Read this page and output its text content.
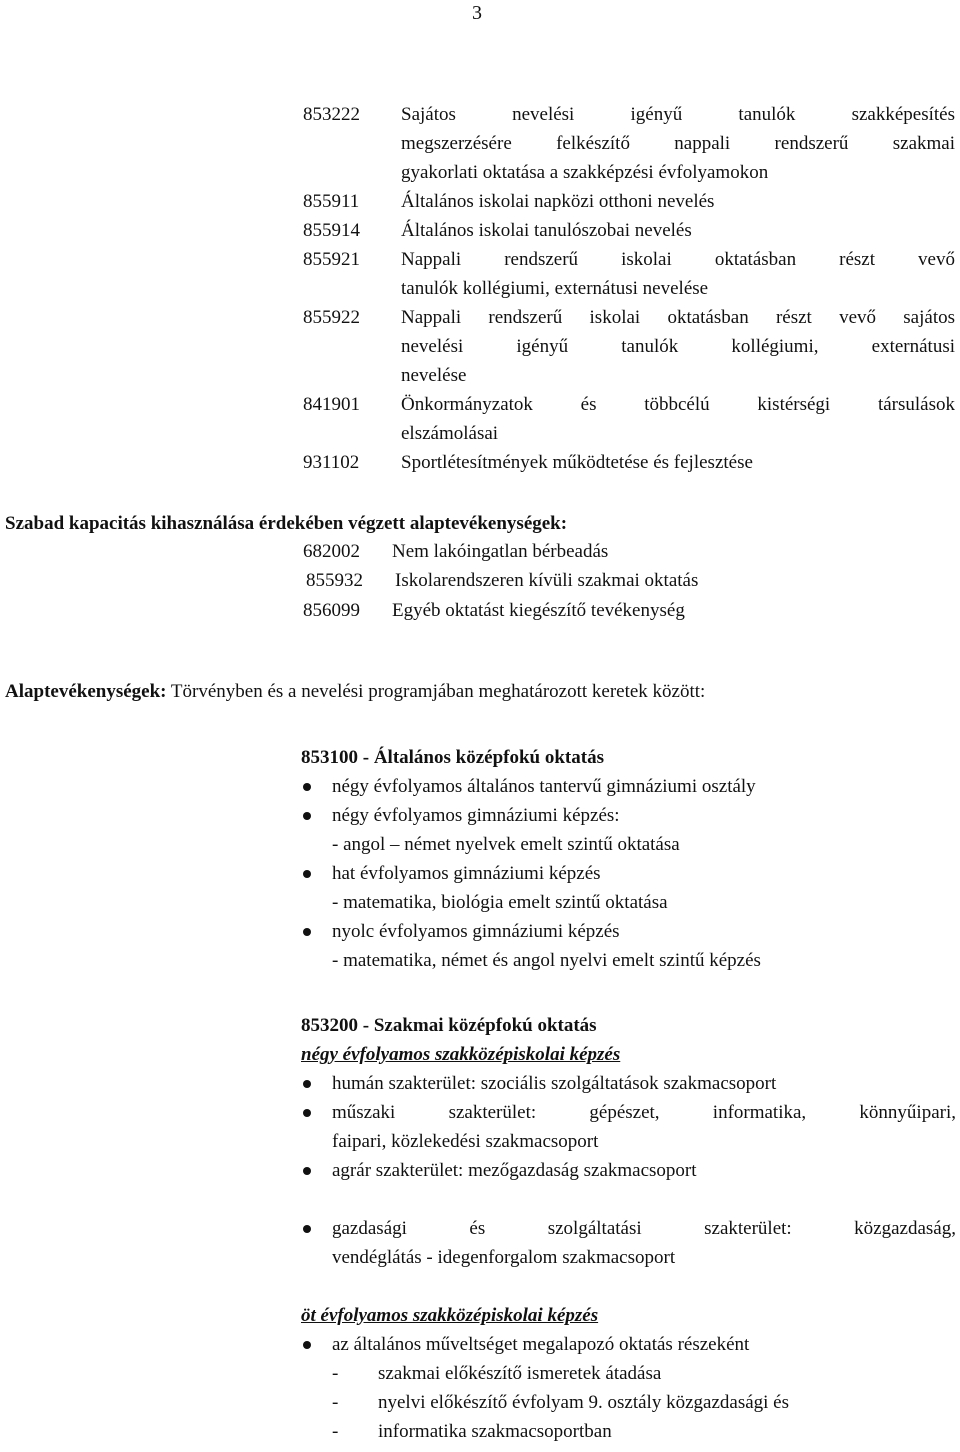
3
853222	Sajátos nevelési igényű tanulók szakképesítés
megszerzésére felkészítő nappali rendszerű szakmai
gyakorlati oktatása a szakképzési évfolyamokon
855911	Általános iskolai napközi otthoni nevelés
855914	Általános iskolai tanulószobai nevelés
855921	Nappali rendszerű iskolai oktatásban részt vevő
tanulók kollégiumi, externátusi nevelése
855922	Nappali rendszerű iskolai oktatásban részt vevő sajátos
nevelési igényű tanulók kollégiumi, externátusi
nevelése
841901	Önkormányzatok és többcélú kistérségi társulások
elszámolásai
931102	Sportlétesítmények működtetése és fejlesztése
Szabad kapacitás kihasználása érdekében végzett alaptevékenységek:
682002	Nem lakóingatlan bérbeadás
855932	Iskolarendszeren kívüli szakmai oktatás
856099	Egyéb oktatást kiegészítő tevékenység
Alaptevékenységek: Törvényben és a nevelési programjában meghatározott keretek között:
853100 - Általános középfokú oktatás
négy évfolyamos általános tantervű gimnáziumi osztály
négy évfolyamos gimnáziumi képzés:
- angol – német nyelvek emelt szintű oktatása
hat évfolyamos gimnáziumi képzés
- matematika, biológia emelt szintű oktatása
nyolc évfolyamos gimnáziumi képzés
- matematika, német és angol nyelvi emelt szintű képzés
853200 - Szakmai középfokú oktatás
négy évfolyamos szakközépiskolai képzés
humán szakterület: szociális szolgáltatások szakmacsoport
műszaki szakterület: gépészet, informatika, könnyűipari,
faipari, közlekedési szakmacsoport
agrár szakterület: mezőgazdaság szakmacsoport
gazdasági és szolgáltatási szakterület: közgazdaság,
vendéglátás - idegenforgalom szakmacsoport
öt évfolyamos szakközépiskolai képzés
az általános műveltséget megalapozó oktatás részeként
-	szakmai előkészítő ismeretek átadása
-	nyelvi előkészítő évfolyam 9. osztály közgazdasági és
-	informatika szakmacsoportban
